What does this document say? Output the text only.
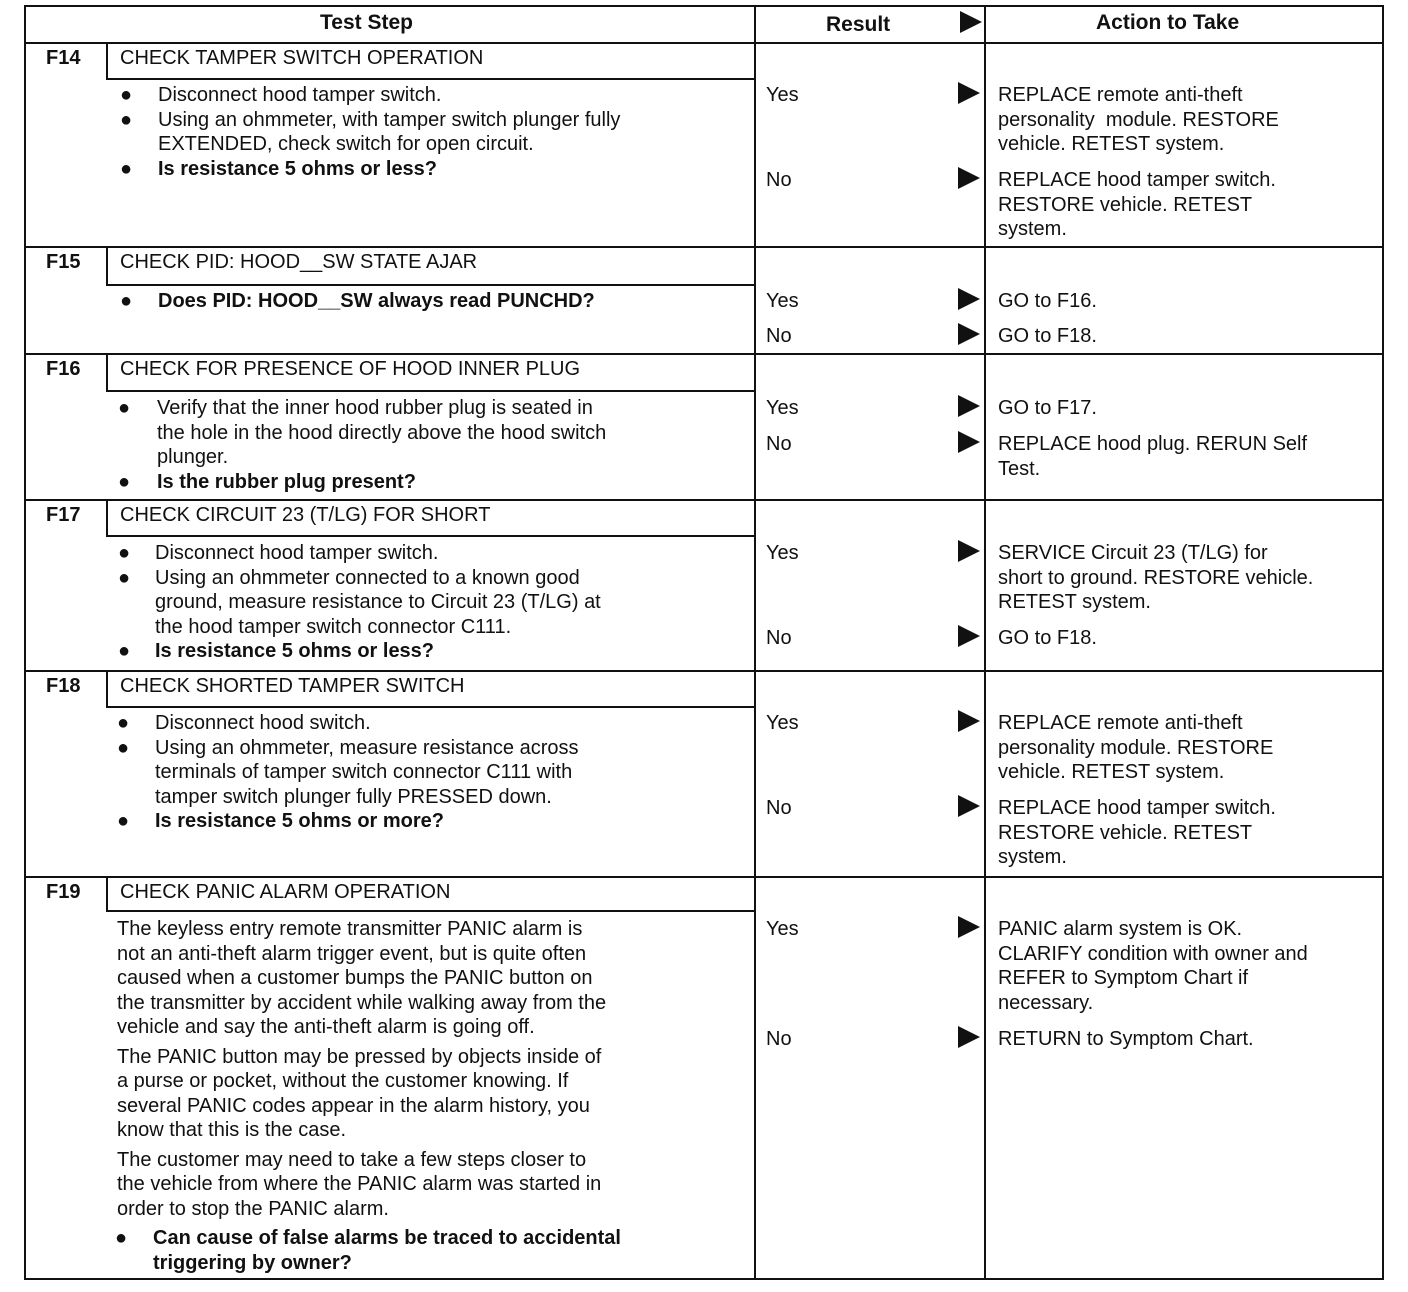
Test Step	Result	Action to Take
F14 CHECK TAMPER SWITCH OPERATION
● Disconnect hood tamper switch.
● Using an ohmmeter, with tamper switch plunger fully
EXTENDED, check switch for open circuit.
● Is resistance 5 ohms or less?
Yes	REPLACE remote anti-theft
personality  module. RESTORE
vehicle. RETEST system.
No	REPLACE hood tamper switch.
RESTORE vehicle. RETEST
system.
F15 CHECK PID: HOOD__SW STATE AJAR
● Does PID: HOOD__SW always read PUNCHD?	Yes	GO to F16.
No	GO to F18.
F16 CHECK FOR PRESENCE OF HOOD INNER PLUG
● Verify that the inner hood rubber plug is seated in
the hole in the hood directly above the hood switch
plunger.
● Is the rubber plug present?
Yes	GO to F17.
No	REPLACE hood plug. RERUN Self
Test.
F17 CHECK CIRCUIT 23 (T/LG) FOR SHORT
● Disconnect hood tamper switch.
● Using an ohmmeter connected to a known good
ground, measure resistance to Circuit 23 (T/LG) at
the hood tamper switch connector C111.
● Is resistance 5 ohms or less?
Yes	SERVICE Circuit 23 (T/LG) for
short to ground. RESTORE vehicle.
RETEST system.
No	GO to F18.
F18 CHECK SHORTED TAMPER SWITCH
● Disconnect hood switch.
● Using an ohmmeter, measure resistance across
terminals of tamper switch connector C111 with
tamper switch plunger fully PRESSED down.
● Is resistance 5 ohms or more?
Yes	REPLACE remote anti-theft
personality module. RESTORE
vehicle. RETEST system.
No	REPLACE hood tamper switch.
RESTORE vehicle. RETEST
system.
F19 CHECK PANIC ALARM OPERATION
The keyless entry remote transmitter PANIC alarm is
not an anti-theft alarm trigger event, but is quite often
caused when a customer bumps the PANIC button on
the transmitter by accident while walking away from the
vehicle and say the anti-theft alarm is going off.
The PANIC button may be pressed by objects inside of
a purse or pocket, without the customer knowing. If
several PANIC codes appear in the alarm history, you
know that this is the case.
The customer may need to take a few steps closer to
the vehicle from where the PANIC alarm was started in
order to stop the PANIC alarm.
● Can cause of false alarms be traced to accidental
triggering by owner?
Yes	PANIC alarm system is OK.
CLARIFY condition with owner and
REFER to Symptom Chart if
necessary.
No	RETURN to Symptom Chart.
